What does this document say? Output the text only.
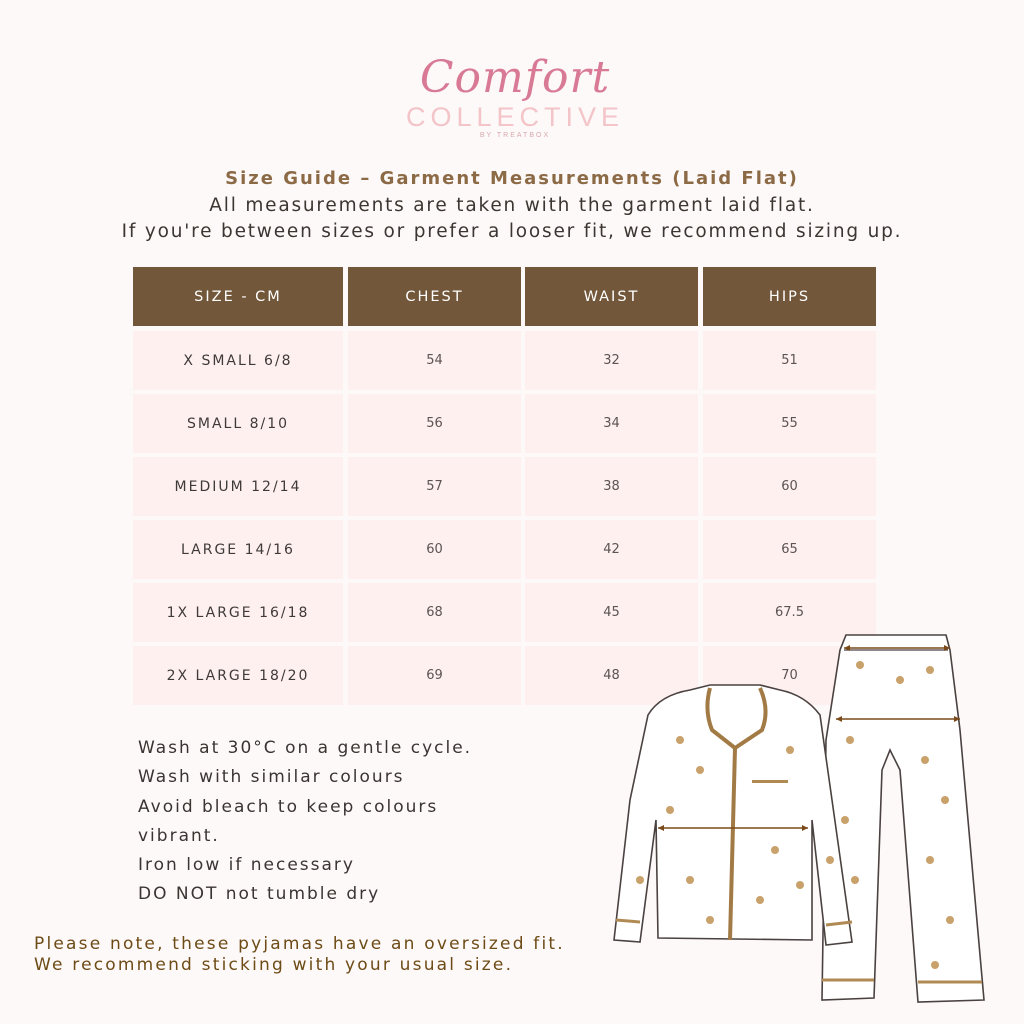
Comfort
COLLECTIVE
BY TREATBOX
Size Guide – Garment Measurements (Laid Flat)
All measurements are taken with the garment laid flat.
If you're between sizes or prefer a looser fit, we recommend sizing up.
SIZE - CM	CHEST	WAIST	HIPS
X SMALL 6/8	54	32	51
SMALL 8/10	56	34	55
MEDIUM 12/14	57	38	60
LARGE 14/16	60	42	65
1X LARGE 16/18	68	45	67.5
2X LARGE 18/20	69	48	70
Wash at 30°C on a gentle cycle.
Wash with similar colours
Avoid bleach to keep colours
vibrant.
Iron low if necessary
DO NOT not tumble dry
Please note, these pyjamas have an oversized fit.
We recommend sticking with your usual size.
